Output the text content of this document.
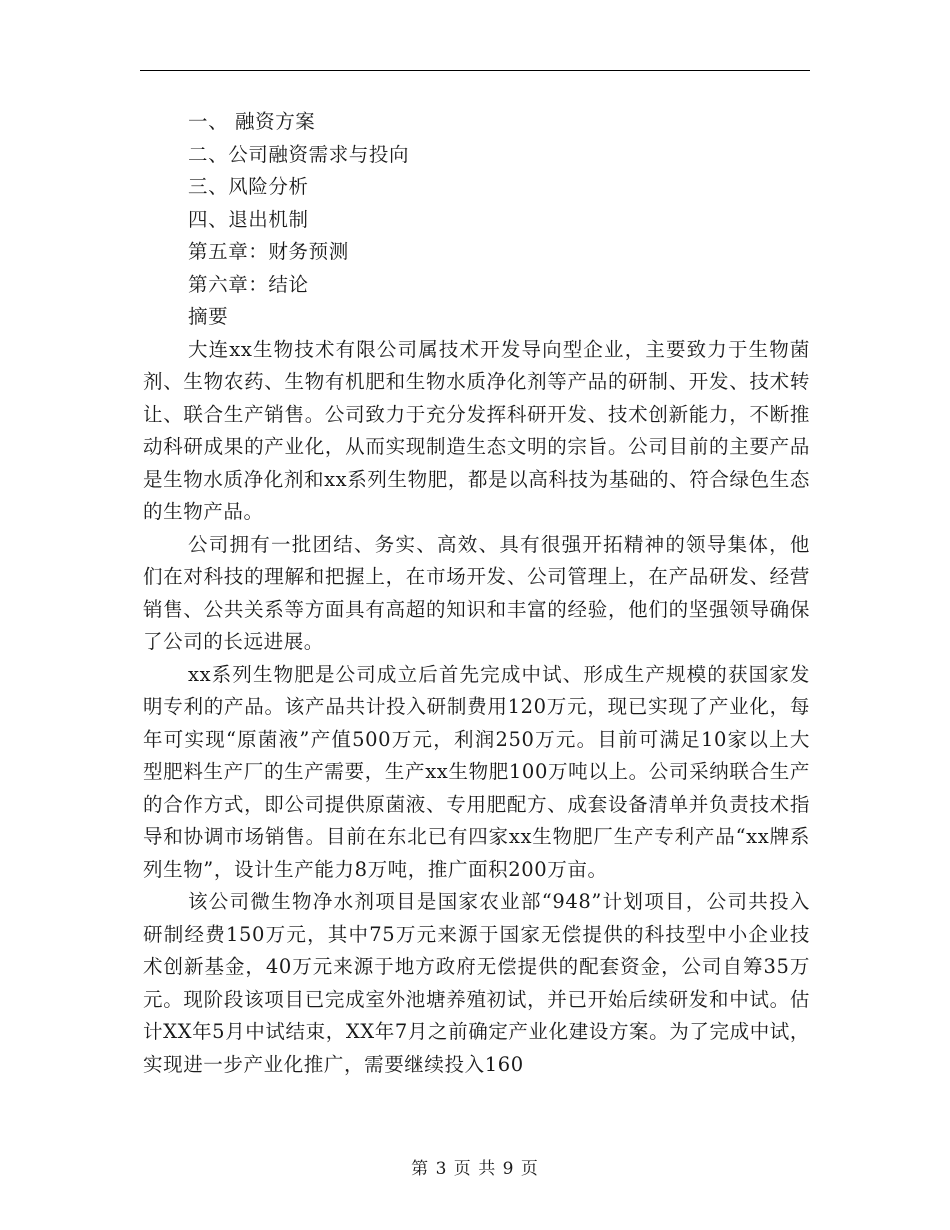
一、 融资方案

二、公司融资需求与投向

三、风险分析

四、退出机制

第五章：财务预测

第六章：结论

摘要

大连xx生物技术有限公司属技术开发导向型企业，主要致力于生物菌剂、生物农药、生物有机肥和生物水质净化剂等产品的研制、开发、技术转让、联合生产销售。公司致力于充分发挥科研开发、技术创新能力，不断推动科研成果的产业化，从而实现制造生态文明的宗旨。公司目前的主要产品是生物水质净化剂和xx系列生物肥，都是以高科技为基础的、符合绿色生态的生物产品。

公司拥有一批团结、务实、高效、具有很强开拓精神的领导集体，他们在对科技的理解和把握上，在市场开发、公司管理上，在产品研发、经营销售、公共关系等方面具有高超的知识和丰富的经验，他们的坚强领导确保了公司的长远进展。

xx系列生物肥是公司成立后首先完成中试、形成生产规模的获国家发明专利的产品。该产品共计投入研制费用120万元，现已实现了产业化，每年可实现“原菌液”产值500万元，利润250万元。目前可满足10家以上大型肥料生产厂的生产需要，生产xx生物肥100万吨以上。公司采纳联合生产的合作方式，即公司提供原菌液、专用肥配方、成套设备清单并负责技术指导和协调市场销售。目前在东北已有四家xx生物肥厂生产专利产品“xx牌系列生物”，设计生产能力8万吨，推广面积200万亩。

该公司微生物净水剂项目是国家农业部“948”计划项目，公司共投入研制经费150万元，其中75万元来源于国家无偿提供的科技型中小企业技术创新基金，40万元来源于地方政府无偿提供的配套资金，公司自筹35万元。现阶段该项目已完成室外池塘养殖初试，并已开始后续研发和中试。估计XX年5月中试结束，XX年7月之前确定产业化建设方案。为了完成中试，实现进一步产业化推广，需要继续投入160

第 3 页 共 9 页
